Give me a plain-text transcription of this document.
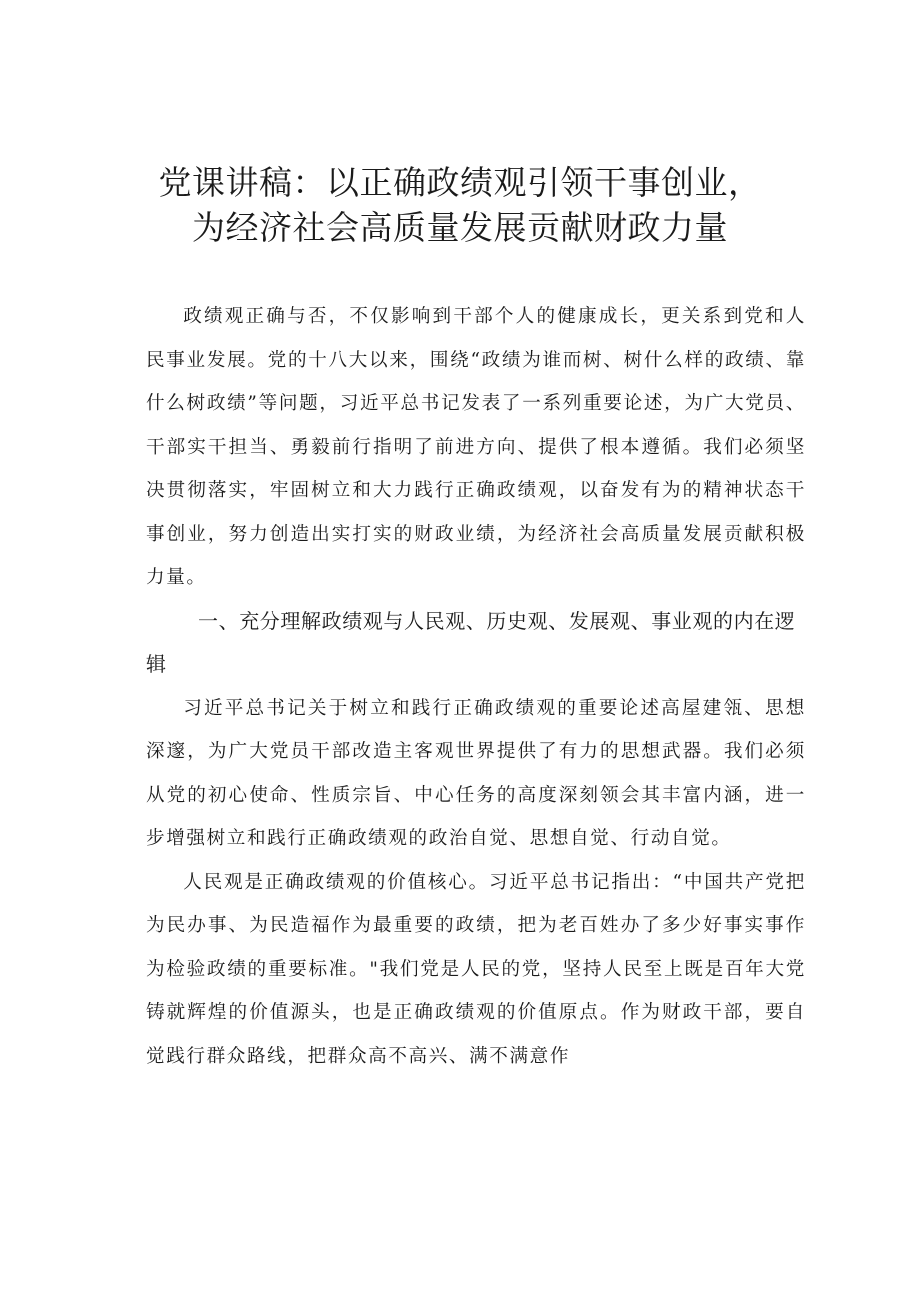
党课讲稿：以正确政绩观引领干事创业，
为经济社会高质量发展贡献财政力量

政绩观正确与否，不仅影响到干部个人的健康成长，更关系到党和人民事业发展。党的十八大以来，围绕“政绩为谁而树、树什么样的政绩、靠什么树政绩”等问题，习近平总书记发表了一系列重要论述，为广大党员、干部实干担当、勇毅前行指明了前进方向、提供了根本遵循。我们必须坚决贯彻落实，牢固树立和大力践行正确政绩观，以奋发有为的精神状态干事创业，努力创造出实打实的财政业绩，为经济社会高质量发展贡献积极力量。

一、充分理解政绩观与人民观、历史观、发展观、事业观的内在逻辑

习近平总书记关于树立和践行正确政绩观的重要论述高屋建瓴、思想深邃，为广大党员干部改造主客观世界提供了有力的思想武器。我们必须从党的初心使命、性质宗旨、中心任务的高度深刻领会其丰富内涵，进一步增强树立和践行正确政绩观的政治自觉、思想自觉、行动自觉。

人民观是正确政绩观的价值核心。习近平总书记指出：“中国共产党把为民办事、为民造福作为最重要的政绩，把为老百姓办了多少好事实事作为检验政绩的重要标准。"我们党是人民的党，坚持人民至上既是百年大党铸就辉煌的价值源头，也是正确政绩观的价值原点。作为财政干部，要自觉践行群众路线，把群众高不高兴、满不满意作
